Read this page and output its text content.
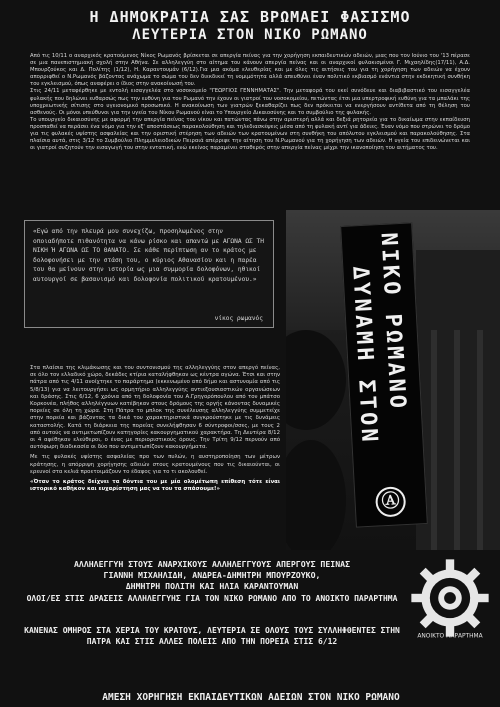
Η ΔΗΜΟΚΡΑΤΙΑ ΣΑΣ ΒΡΩΜΑΕΙ ΦΑΣΙΣΜΟ
ΛΕΥΤΕΡΙΑ ΣΤΟΝ ΝΙΚΟ ΡΩΜΑΝΟ

Από τις 10/11 ο αναρχικός κρατούμενος Νίκος Ρωμανός βρίσκεται σε απεργία πείνας για την χορήγηση εκπαιδευτικών αδειών, μιας που τον Ιούνιο του '13 πέρασε σε μια πανεπιστημιακή σχολή στην Αθήνα. Σε αλληλεγγύη στο αίτημα του κάνουν απεργία πείνας και οι αναρχικοί φυλακισμένοι Γ. Μιχαηλίδης(17/11), Α.Δ. Μπουρζούκος και Δ. Πολίτης (1/12), Η. Καραντουμάν (6/12).Για μια ακόμα ελευθερίας και με όλες τις αιτήσεις του για τη χορήγηση των αδειών να έχουν απορριφθεί ο Ν.Ρωμανός βάζοντας ανάχωμα το σώμα του δεν διεκδικεί τη νομιμότητα αλλά απευθύνει έναν πολιτικό εκβιασμό ενάντια στην εκδικητική συνθήκη του εγκλεισμού, όπως αναφέρει ο ίδιος στην ανακοίνωσή του.

Στις 24/11 μεταφέρθηκε με εντολή εισαγγελέα στο νοσοκομείο "ΓΕΩΡΓΙΟΣ ΓΕΝΝΗΜΑΤΑΣ". Την μεταφορά του εκεί συνόδευε και διαβιβαστικό του εισαγγελέα φυλακής που δηλώνει ευθαρσώς πως την ευθύνη για τον Ρωμανό την έχουν οι γιατροί του νοσοκομείου, πετώντας έτσι μια υπερτροφική ευθύνη για τα μπαλάκι της υποχρεωτικής σίτισης στο υγειονομικό προσωπικό. Η ανακοίνωση των γιατρών ξεκαθαρίζει πως δεν πρόκειται να ενεργήσουν αντίθετα από τη θέληση του ασθενούς. Οι μόνοι υπεύθυνοι για την υγεία του Νίκου Ρωμανού είναι το Υπουργείο Δικαιοσύνης και το συμβούλιο της φυλακής.

Το υπουργείο δικαιοσύνης με αφορμή την απεργία πείνας του νίκου και πατώντας πάνω στην αριστερή αλλά και δεξιά ρητορεία για το δικαίωμα στην εκπαίδευση προσπαθεί να περάσει ένα νόμο για την εξ' αποστάσεως παρακολούθηση και τηλεδιασκέψεις μέσα από τη φυλακή αντί για άδειες. Έναν νόμο που στρώνει το δρόμο για τις φυλακές υψίστης ασφαλείας και την οριστική στέρηση των αδειών των κρατουμένων στη συνθήκη του απόλυτου εγκλεισμού και παρακολούθησης. Στα πλαίσια αυτά, στις 3/12 το Συμβούλιο Πλημμελειοδικών Πειραιά απέρριψε την αίτηση του Ν.Ρωμανού για τη χορήγηση των αδειών. Η υγεία του επιδεινώνεται και οι γιατροί συζητούν την εισαγωγή του στην εντατική, ενώ εκείνος παραμένει σταθερός στην απεργία πείνας μέχρι την ικανοποίηση του αιτήματος του.

«Εγώ από την πλευρά μου συνεχίζω, προσηλωμένος στην οποιαδήποτε πιθανότητα να κάνω ρίσκο και απαντώ με ΑΓΩΝΑ ΩΣ ΤΗ ΝΙΚΗ Ή ΑΓΩΝΑ ΩΣ ΤΟ ΘΑΝΑΤΟ. Σε κάθε περίπτωση αν το κράτος με δολοφονήσει με την στάση του, ο κύριος Αθανασίου και η παρέα του θα μείνουν στην ιστορία ως μια συμμορία δολοφόνων, ηθικοί αυτουργοί σε βασανισμό και δολοφονία πολιτικού κρατουμένου.»
νίκος ρωμανός	ΝΙΚΟ ΡΩΜΑΝΟ
ΔΥΝΑΜΗ ΣΤΟΝ
Ⓐ

Στα πλαίσια της κλιμάκωσης και του συντονισμού της αλληλεγγύης στον απεργό πείνας, σε όλο τον ελλαδικό χώρο, δεκάδες κτίρια καταλήφθηκαν ως κέντρα αγώνα. Έτσι και στην πάτρα από τις 4/11 ανοίχτηκε το παράρτημα (εκκενωμένο από δήμο και αστυνομία από τις 5/8/13) για να λειτουργήσει ως ορμητήριο αλληλεγγύης αντιεξουσιαστικών οργανώσεων και δράσης. Στις 6/12, 6 χρόνια από τη δολοφονία του Α.Γρηγορόπουλου από τον μπάτσο Κορκονέα, πλήθος αλληλέγγυων κατέβηκαν στους δρόμους της οργής κάνοντας δυναμικές πορείες σε όλη τη χώρα. Στη Πάτρα το μπλοκ της συνέλευσης αλληλεγγύης συμμετείχε στην πορεία και βάζοντας τα δικά του χαρακτηριστικά συγκρούστηκε με τις δυνάμεις καταστολής. Κατά τη διάρκεια της πορείας συνελήφθησαν 6 σύντροφοι/σσες, με τους 2 από αυτούς να αντιμετωπίζουν κατηγορίες κακουργηματικού χαρακτήρα. Τη Δευτέρα 8/12 οι 4 αφέθηκαν ελεύθεροι, ο ένας με περιοριστικούς όρους. Την Τρίτη 9/12 περνούν από αυτόφωρη διαδικασία οι δύο που αντιμετωπίζουν κακουργήματα.

Με τις φυλακές υψίστης ασφαλείας προ των πυλών, η αυστηροποίηση των μέτρων κράτησης, η απόρριψη χορήγησης αδειών στους κρατουμένους που τις δικαιούνται, οι ερευνοί στα κελιά προετοιμάζουν το έδαφος για το τι ακολουθεί.

«Όταν το κράτος δείχνει τα δόντια του με μία ολομέτωπη επίθεση τότε είναι ιστορικό καθήκον και ευχαρίστηση μας να του τα σπάσουμε!»

ΑΛΛΗΛΕΓΓΥΗ ΣΤΟΥΣ ΑΝΑΡΧΙΚΟΥΣ ΑΛΛΗΛΕΓΓΥΟΥΣ ΑΠΕΡΓΟΥΣ ΠΕΙΝΑΣ
ΓΙΑΝΝΗ ΜΙΧΑΗΛΙΔΗ, ΑΝΔΡΕΑ-ΔΗΜΗΤΡΗ ΜΠΟΥΡΖΟΥΚΟ,
ΔΗΜΗΤΡΗ ΠΟΛΙΤΗ ΚΑΙ ΗΛΙΑ ΚΑΡΑΝΤΟΥΜΑΝ
ΟΛΟΙ/ΕΣ ΣΤΙΣ ΔΡΑΣΕΙΣ ΑΛΛΗΛΕΓΓΥΗΣ ΓΙΑ ΤΟΝ ΝΙΚΟ ΡΩΜΑΝΟ ΑΠΟ ΤΟ ΑΝΟΙΚΤΟ ΠΑΡΑΡΤΗΜΑ
ΚΑΝΕΝΑΣ ΟΜΗΡΟΣ ΣΤΑ ΧΕΡΙΑ ΤΟΥ ΚΡΑΤΟΥΣ, ΛΕΥΤΕΡΙΑ ΣΕ ΟΛΟΥΣ ΤΟΥΣ ΣΥΛΛΗΦΘΕΝΤΕΣ ΣΤΗΝ ΠΑΤΡΑ ΚΑΙ ΣΤΙΣ ΑΛΛΕΣ ΠΟΛΕΙΣ ΑΠΟ ΤΗΝ ΠΟΡΕΙΑ ΣΤΙΣ 6/12
ΑΜΕΣΗ ΧΟΡΗΓΗΣΗ ΕΚΠΑΙΔΕΥΤΙΚΩΝ ΑΔΕΙΩΝ ΣΤΟΝ ΝΙΚΟ ΡΩΜΑΝΟ
ΑΝΟΙΚΤΟ ΠΑΡΑΡΤΗΜΑ
